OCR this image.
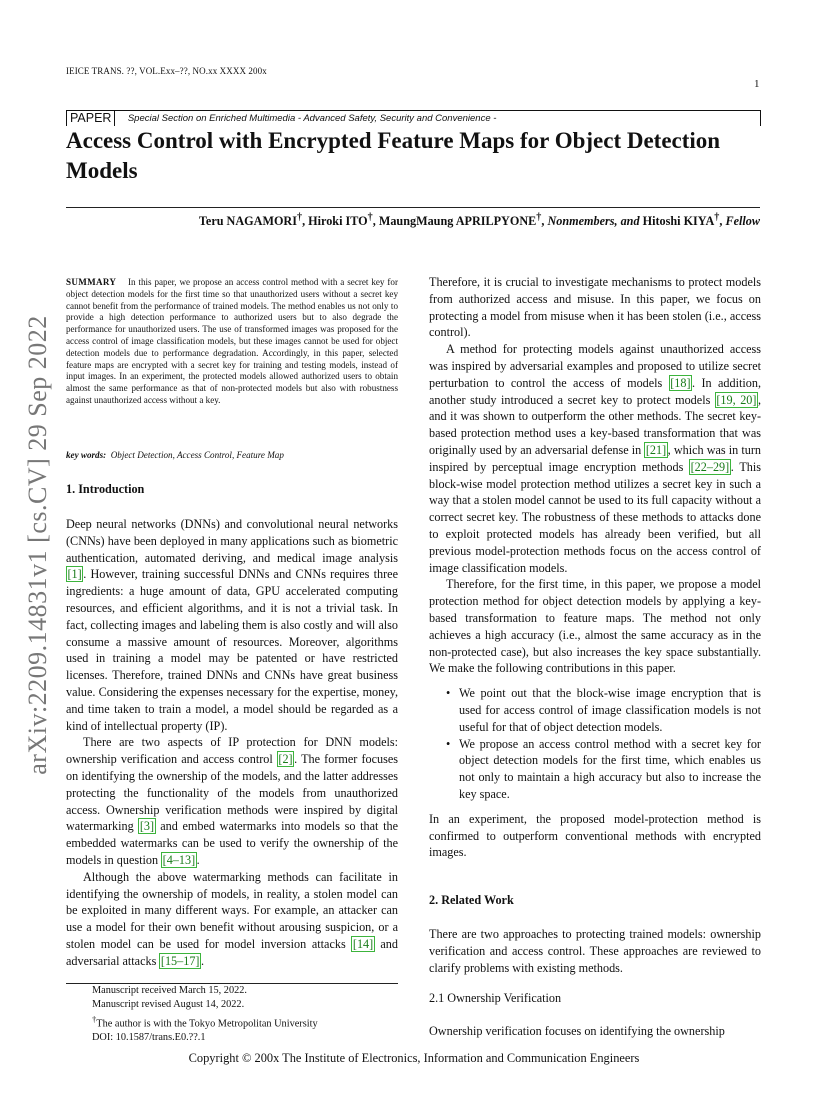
IEICE TRANS. ??, VOL.Exx–??, NO.xx XXXX 200x
1
arXiv:2209.14831v1 [cs.CV] 29 Sep 2022
PAPER Special Section on Enriched Multimedia - Advanced Safety, Security and Convenience -
Access Control with Encrypted Feature Maps for Object Detection Models
Teru NAGAMORI†, Hiroki ITO†, MaungMaung APRILPYONE†, Nonmembers, and Hitoshi KIYA†, Fellow
SUMMARY In this paper, we propose an access control method with a secret key for object detection models for the first time so that unauthorized users without a secret key cannot benefit from the performance of trained models. The method enables us not only to provide a high detection performance to authorized users but to also degrade the performance for unauthorized users. The use of transformed images was proposed for the access control of image classification models, but these images cannot be used for object detection models due to performance degradation. Accordingly, in this paper, selected feature maps are encrypted with a secret key for training and testing models, instead of input images. In an experiment, the protected models allowed authorized users to obtain almost the same performance as that of non-protected models but also with robustness against unauthorized access without a key.
key words: Object Detection, Access Control, Feature Map
1. Introduction

Deep neural networks (DNNs) and convolutional neural networks (CNNs) have been deployed in many applications such as biometric authentication, automated deriving, and medical image analysis [1] . However, training successful DNNs and CNNs requires three ingredients: a huge amount of data, GPU accelerated computing resources, and efficient algorithms, and it is not a trivial task. In fact, collecting images and labeling them is also costly and will also consume a massive amount of resources. Moreover, algorithms used in training a model may be patented or have restricted licenses. Therefore, trained DNNs and CNNs have great business value. Considering the expenses necessary for the expertise, money, and time taken to train a model, a model should be regarded as a kind of intellectual property (IP).

There are two aspects of IP protection for DNN models: ownership verification and access control [2] . The former focuses on identifying the ownership of the models, and the latter addresses protecting the functionality of the models from unauthorized access. Ownership verification methods were inspired by digital watermarking [3] and embed watermarks into models so that the embedded watermarks can be used to verify the ownership of the models in question [4–13] .

Although the above watermarking methods can facilitate in identifying the ownership of models, in reality, a stolen model can be exploited in many different ways. For example, an attacker can use a model for their own benefit without arousing suspicion, or a stolen model can be used for model inversion attacks [14] and adversarial attacks [15–17] .

Manuscript received March 15, 2022.
Manuscript revised August 14, 2022.
†The author is with the Tokyo Metropolitan University
DOI: 10.1587/trans.E0.??.1

Therefore, it is crucial to investigate mechanisms to protect models from authorized access and misuse. In this paper, we focus on protecting a model from misuse when it has been stolen (i.e., access control).

A method for protecting models against unauthorized access was inspired by adversarial examples and proposed to utilize secret perturbation to control the access of models [18] . In addition, another study introduced a secret key to protect models [19, 20] , and it was shown to outperform the other methods. The secret key-based protection method uses a key-based transformation that was originally used by an adversarial defense in [21] , which was in turn inspired by perceptual image encryption methods [22–29] . This block-wise model protection method utilizes a secret key in such a way that a stolen model cannot be used to its full capacity without a correct secret key. The robustness of these methods to attacks done to exploit protected models has already been verified, but all previous model-protection methods focus on the access control of image classification models.

Therefore, for the first time, in this paper, we propose a model protection method for object detection models by applying a key-based transformation to feature maps. The method not only achieves a high accuracy (i.e., almost the same accuracy as in the non-protected case), but also increases the key space substantially. We make the following contributions in this paper.

• We point out that the block-wise image encryption that is used for access control of image classification models is not useful for that of object detection models.
• We propose an access control method with a secret key for object detection models for the first time, which enables us not only to maintain a high accuracy but also to increase the key space.

In an experiment, the proposed model-protection method is confirmed to outperform conventional methods with encrypted images.

2. Related Work

There are two approaches to protecting trained models: ownership verification and access control. These approaches are reviewed to clarify problems with existing methods.

2.1 Ownership Verification

Ownership verification focuses on identifying the ownership

Copyright © 200x The Institute of Electronics, Information and Communication Engineers
